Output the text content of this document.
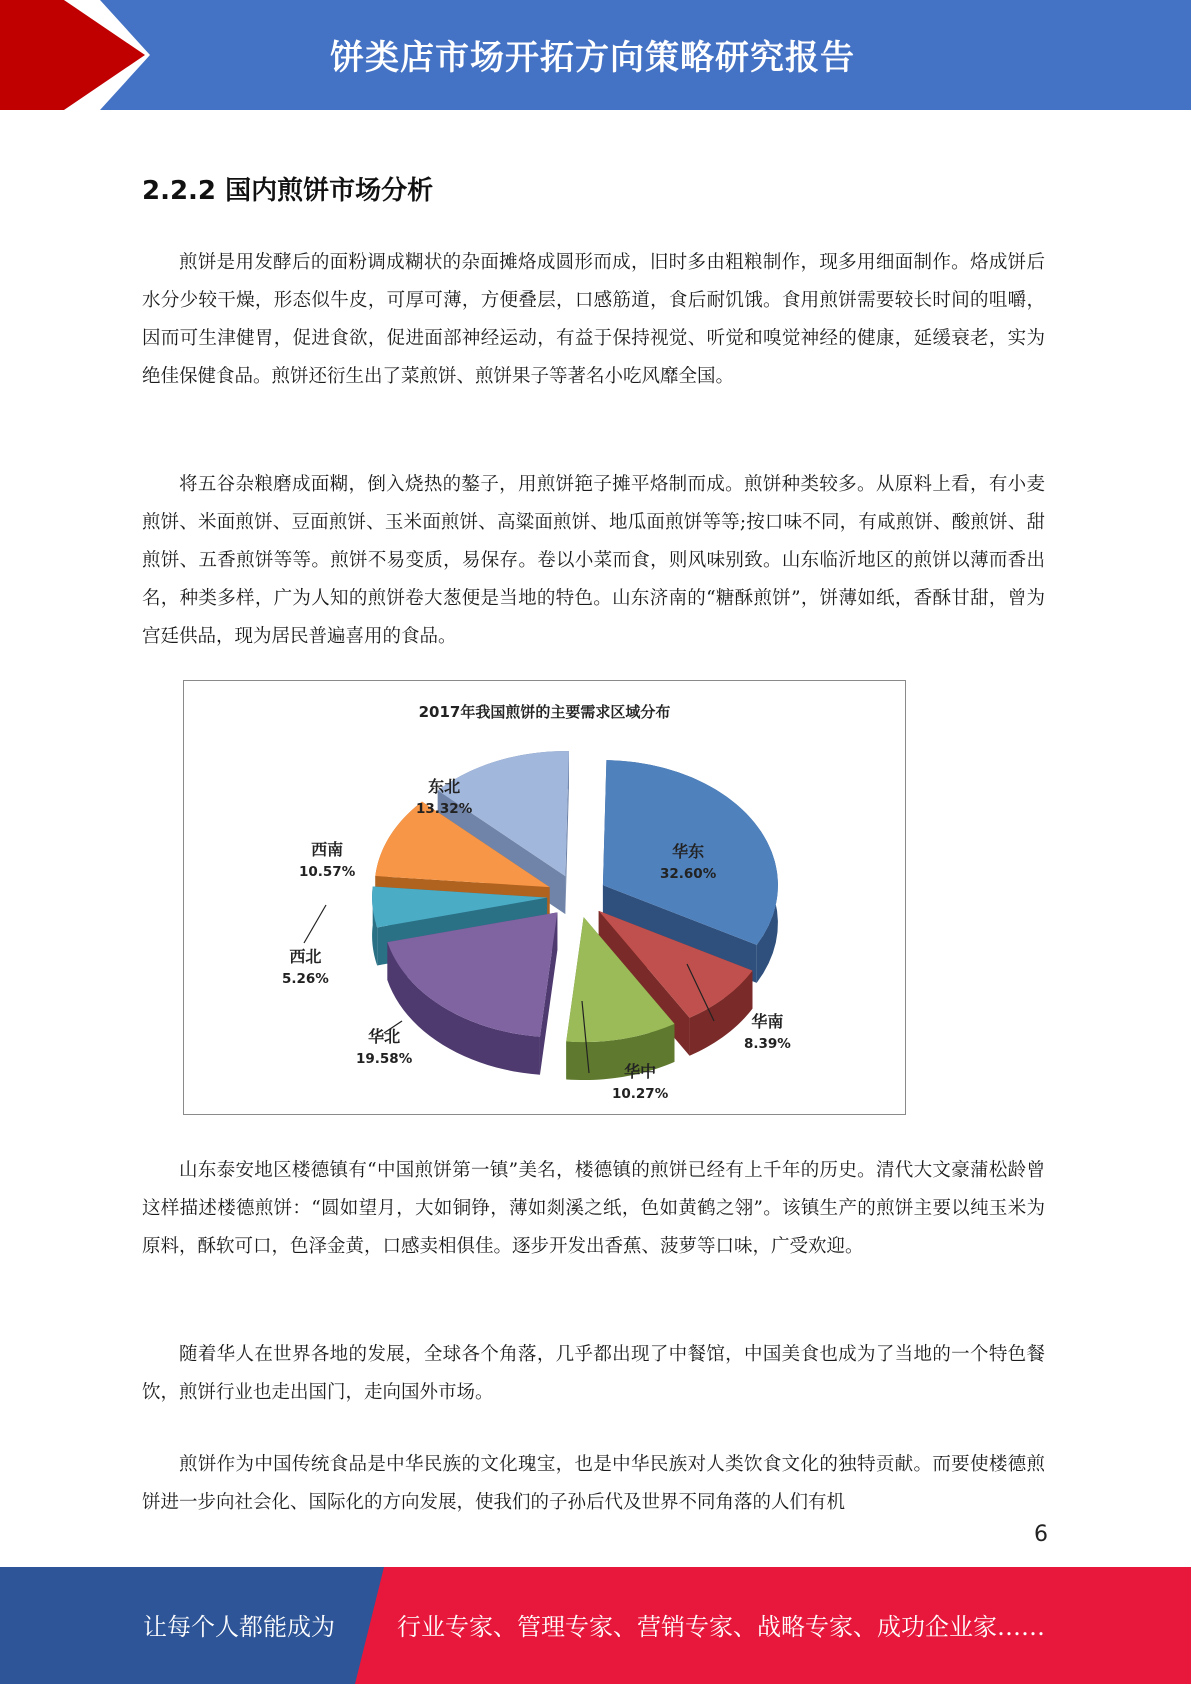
饼类店市场开拓方向策略研究报告
2.2.2 国内煎饼市场分析

煎饼是用发酵后的面粉调成糊状的杂面摊烙成圆形而成，旧时多由粗粮制作，现多用细面制作。烙成饼后水分少较干燥，形态似牛皮，可厚可薄，方便叠层，口感筋道，食后耐饥饿。食用煎饼需要较长时间的咀嚼，因而可生津健胃，促进食欲，促进面部神经运动，有益于保持视觉、听觉和嗅觉神经的健康，延缓衰老，实为绝佳保健食品。煎饼还衍生出了菜煎饼、煎饼果子等著名小吃风靡全国。

将五谷杂粮磨成面糊，倒入烧热的鏊子，用煎饼筢子摊平烙制而成。煎饼种类较多。从原料上看，有小麦煎饼、米面煎饼、豆面煎饼、玉米面煎饼、高粱面煎饼、地瓜面煎饼等等;按口味不同，有咸煎饼、酸煎饼、甜煎饼、五香煎饼等等。煎饼不易变质，易保存。卷以小菜而食，则风味别致。山东临沂地区的煎饼以薄而香出名，种类多样，广为人知的煎饼卷大葱便是当地的特色。山东济南的“糖酥煎饼”，饼薄如纸，香酥甘甜，曾为宫廷供品，现为居民普遍喜用的食品。

2017年我国煎饼的主要需求区域分布
华东
32.60%
华南
8.39%
华中
10.27%
华北
19.58%
西北
5.26%
西南
10.57%
东北
13.32%

山东泰安地区楼德镇有“中国煎饼第一镇”美名，楼德镇的煎饼已经有上千年的历史。清代大文豪蒲松龄曾这样描述楼德煎饼：“圆如望月，大如铜铮，薄如剡溪之纸，色如黄鹤之翎”。该镇生产的煎饼主要以纯玉米为原料，酥软可口，色泽金黄，口感卖相俱佳。逐步开发出香蕉、菠萝等口味，广受欢迎。

随着华人在世界各地的发展，全球各个角落，几乎都出现了中餐馆，中国美食也成为了当地的一个特色餐饮，煎饼行业也走出国门，走向国外市场。

煎饼作为中国传统食品是中华民族的文化瑰宝，也是中华民族对人类饮食文化的独特贡献。而要使楼德煎饼进一步向社会化、国际化的方向发展，使我们的子孙后代及世界不同角落的人们有机

6
让每个人都能成为	行业专家、管理专家、营销专家、战略专家、成功企业家……
